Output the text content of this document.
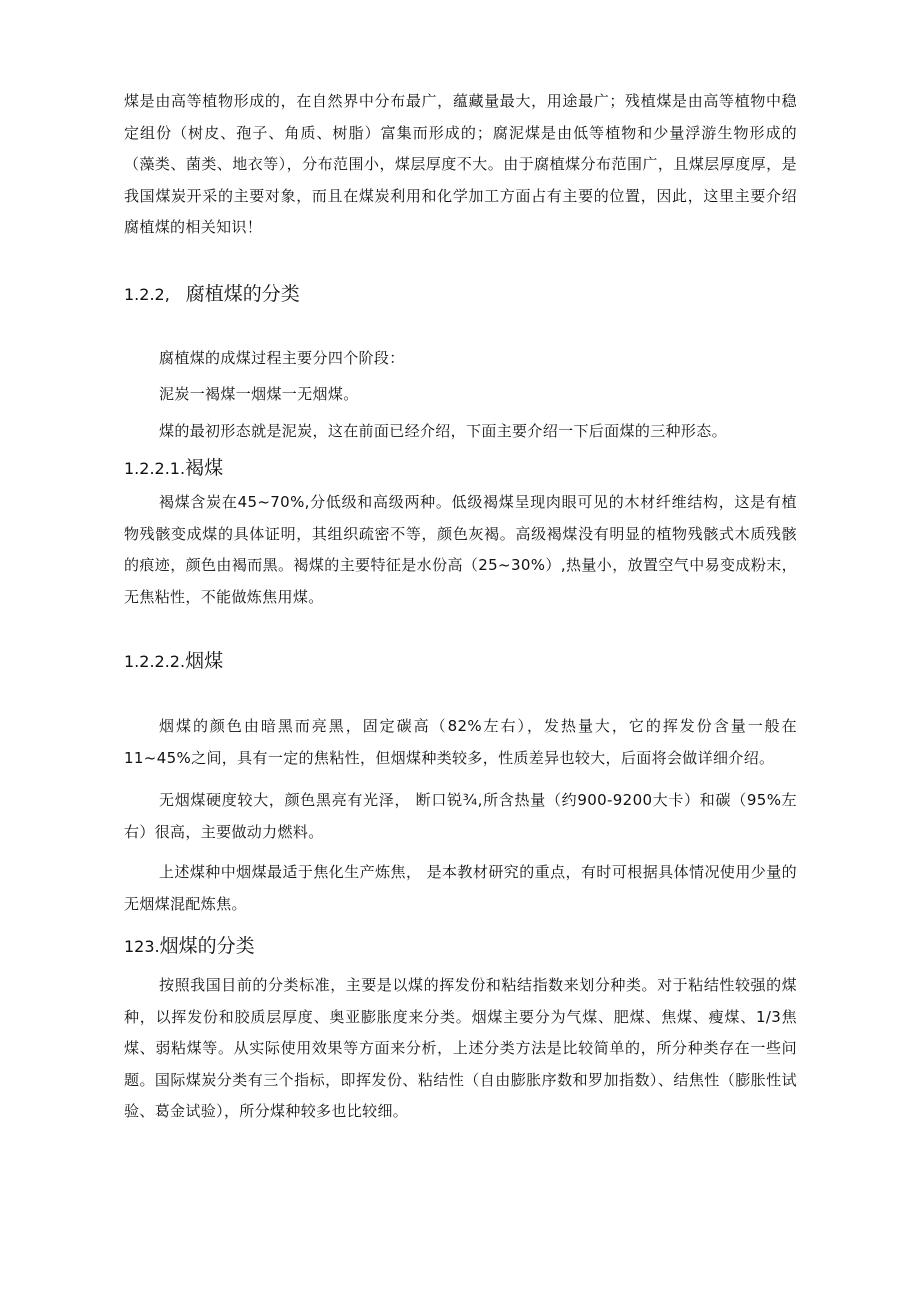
煤是由高等植物形成的，在自然界中分布最广，蕴藏量最大，用途最广；残植煤是由高等植物中稳定组份（树皮、孢子、角质、树脂）富集而形成的；腐泥煤是由低等植物和少量浮游生物形成的（藻类、菌类、地衣等），分布范围小，煤层厚度不大。由于腐植煤分布范围广，且煤层厚度厚，是我国煤炭开采的主要对象，而且在煤炭利用和化学加工方面占有主要的位置，因此，这里主要介绍腐植煤的相关知识！

1.2.2, 腐植煤的分类

腐植煤的成煤过程主要分四个阶段：

泥炭一褐煤一烟煤一无烟煤。

煤的最初形态就是泥炭，这在前面已经介绍，下面主要介绍一下后面煤的三种形态。

1.2.2.1.褐煤

褐煤含炭在45~70%,分低级和高级两种。低级褐煤呈现肉眼可见的木材纤维结构，这是有植物残骸变成煤的具体证明，其组织疏密不等，颜色灰褐。高级褐煤没有明显的植物残骸式木质残骸的痕迹，颜色由褐而黑。褐煤的主要特征是水份高（25~30%）,热量小，放置空气中易变成粉末，无焦粘性，不能做炼焦用煤。

1.2.2.2.烟煤

烟煤的颜色由暗黑而亮黑，固定碳高（82%左右），发热量大，它的挥发份含量一般在11~45%之间，具有一定的焦粘性，但烟煤种类较多，性质差异也较大，后面将会做详细介绍。

无烟煤硬度较大，颜色黑亮有光泽， 断口锐¾,所含热量（约900-9200大卡）和碳（95%左右）很高，主要做动力燃料。

上述煤种中烟煤最适于焦化生产炼焦， 是本教材研究的重点，有时可根据具体情况使用少量的无烟煤混配炼焦。

123.烟煤的分类

按照我国目前的分类标准，主要是以煤的挥发份和粘结指数来划分种类。对于粘结性较强的煤种，以挥发份和胶质层厚度、奥亚膨胀度来分类。烟煤主要分为气煤、肥煤、焦煤、瘦煤、1/3焦煤、弱粘煤等。从实际使用效果等方面来分析，上述分类方法是比较简单的，所分种类存在一些问题。国际煤炭分类有三个指标，即挥发份、粘结性（自由膨胀序数和罗加指数）、结焦性（膨胀性试验、葛金试验），所分煤种较多也比较细。
